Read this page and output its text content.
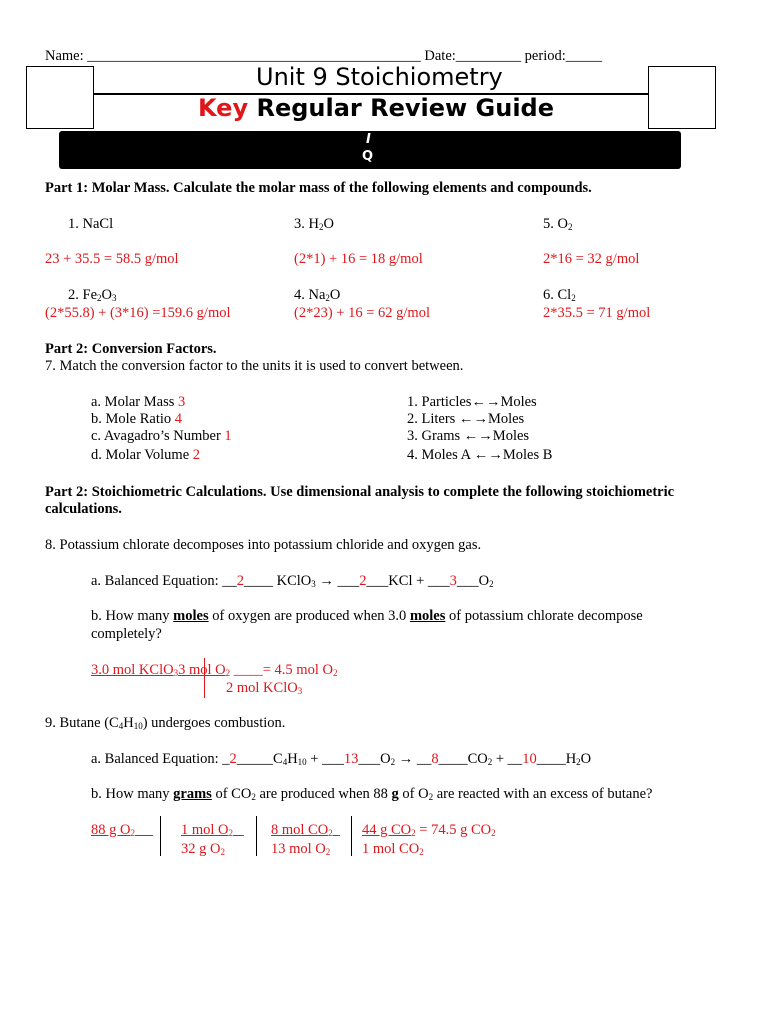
Name: ______________________________________________ Date:_________ period:_____
Unit 9 Stoichiometry
Key Regular Review Guide
I
Q
Part 1: Molar Mass. Calculate the molar mass of the following elements and compounds.
1. NaCl	3. $H_2O$	5. $O_2$
23 + 35.5 = 58.5 g/mol	(2*1) + 16 = 18 g/mol	2*16 = 32 g/mol
2. $Fe_2O_3$	4. $Na_2O$	6. $Cl_2$
(2*55.8) + (3*16) =159.6 g/mol	(2*23) + 16 = 62 g/mol	2*35.5 = 71 g/mol
Part 2: Conversion Factors.
7. Match the conversion factor to the units it is used to convert between.
a. Molar Mass 3
b. Mole Ratio 4
c. Avagadro’s Number 1
d. Molar Volume 2
1. Particles←→Moles
2. Liters ←→Moles
3. Grams ←→Moles
4. Moles A ←→Moles B
Part 2: Stoichiometric Calculations. Use dimensional analysis to complete the following stoichiometric
calculations.
8. Potassium chlorate decomposes into potassium chloride and oxygen gas.
a. Balanced Equation: __2____ KClO$_3$ → ___2___KCl + $\_\_\_3\_\_\_O_2$
b. How many moles of oxygen are produced when 3.0 moles of potassium chlorate decompose
completely?
3.0 mol KClO$_3$3 mol $O_2$ ____= 4.5 mol $O_2$
2 mol KClO$_3$
9. Butane $(C_4H_{10})$ undergoes combustion.
a. Balanced Equation: $\_2\_\_\_\_\_C_4H_{10}$ + $\_\_\_13\_\_\_O_2$ → $\_\_8\_\_\_\_CO_2$ + $\_\_10\_\_\_\_H_2O$
b. How many grams of $CO_2$ are produced when 88 g of $O_2$ are reacted with an excess of butane?
88 g $O_2$	1 mol $O_2$
32 g $O_2$
8 mol $CO_2$
13 mol $O_2$
44 g $CO_2 = 74.5$ g $CO_2$
1 mol $CO_2$
